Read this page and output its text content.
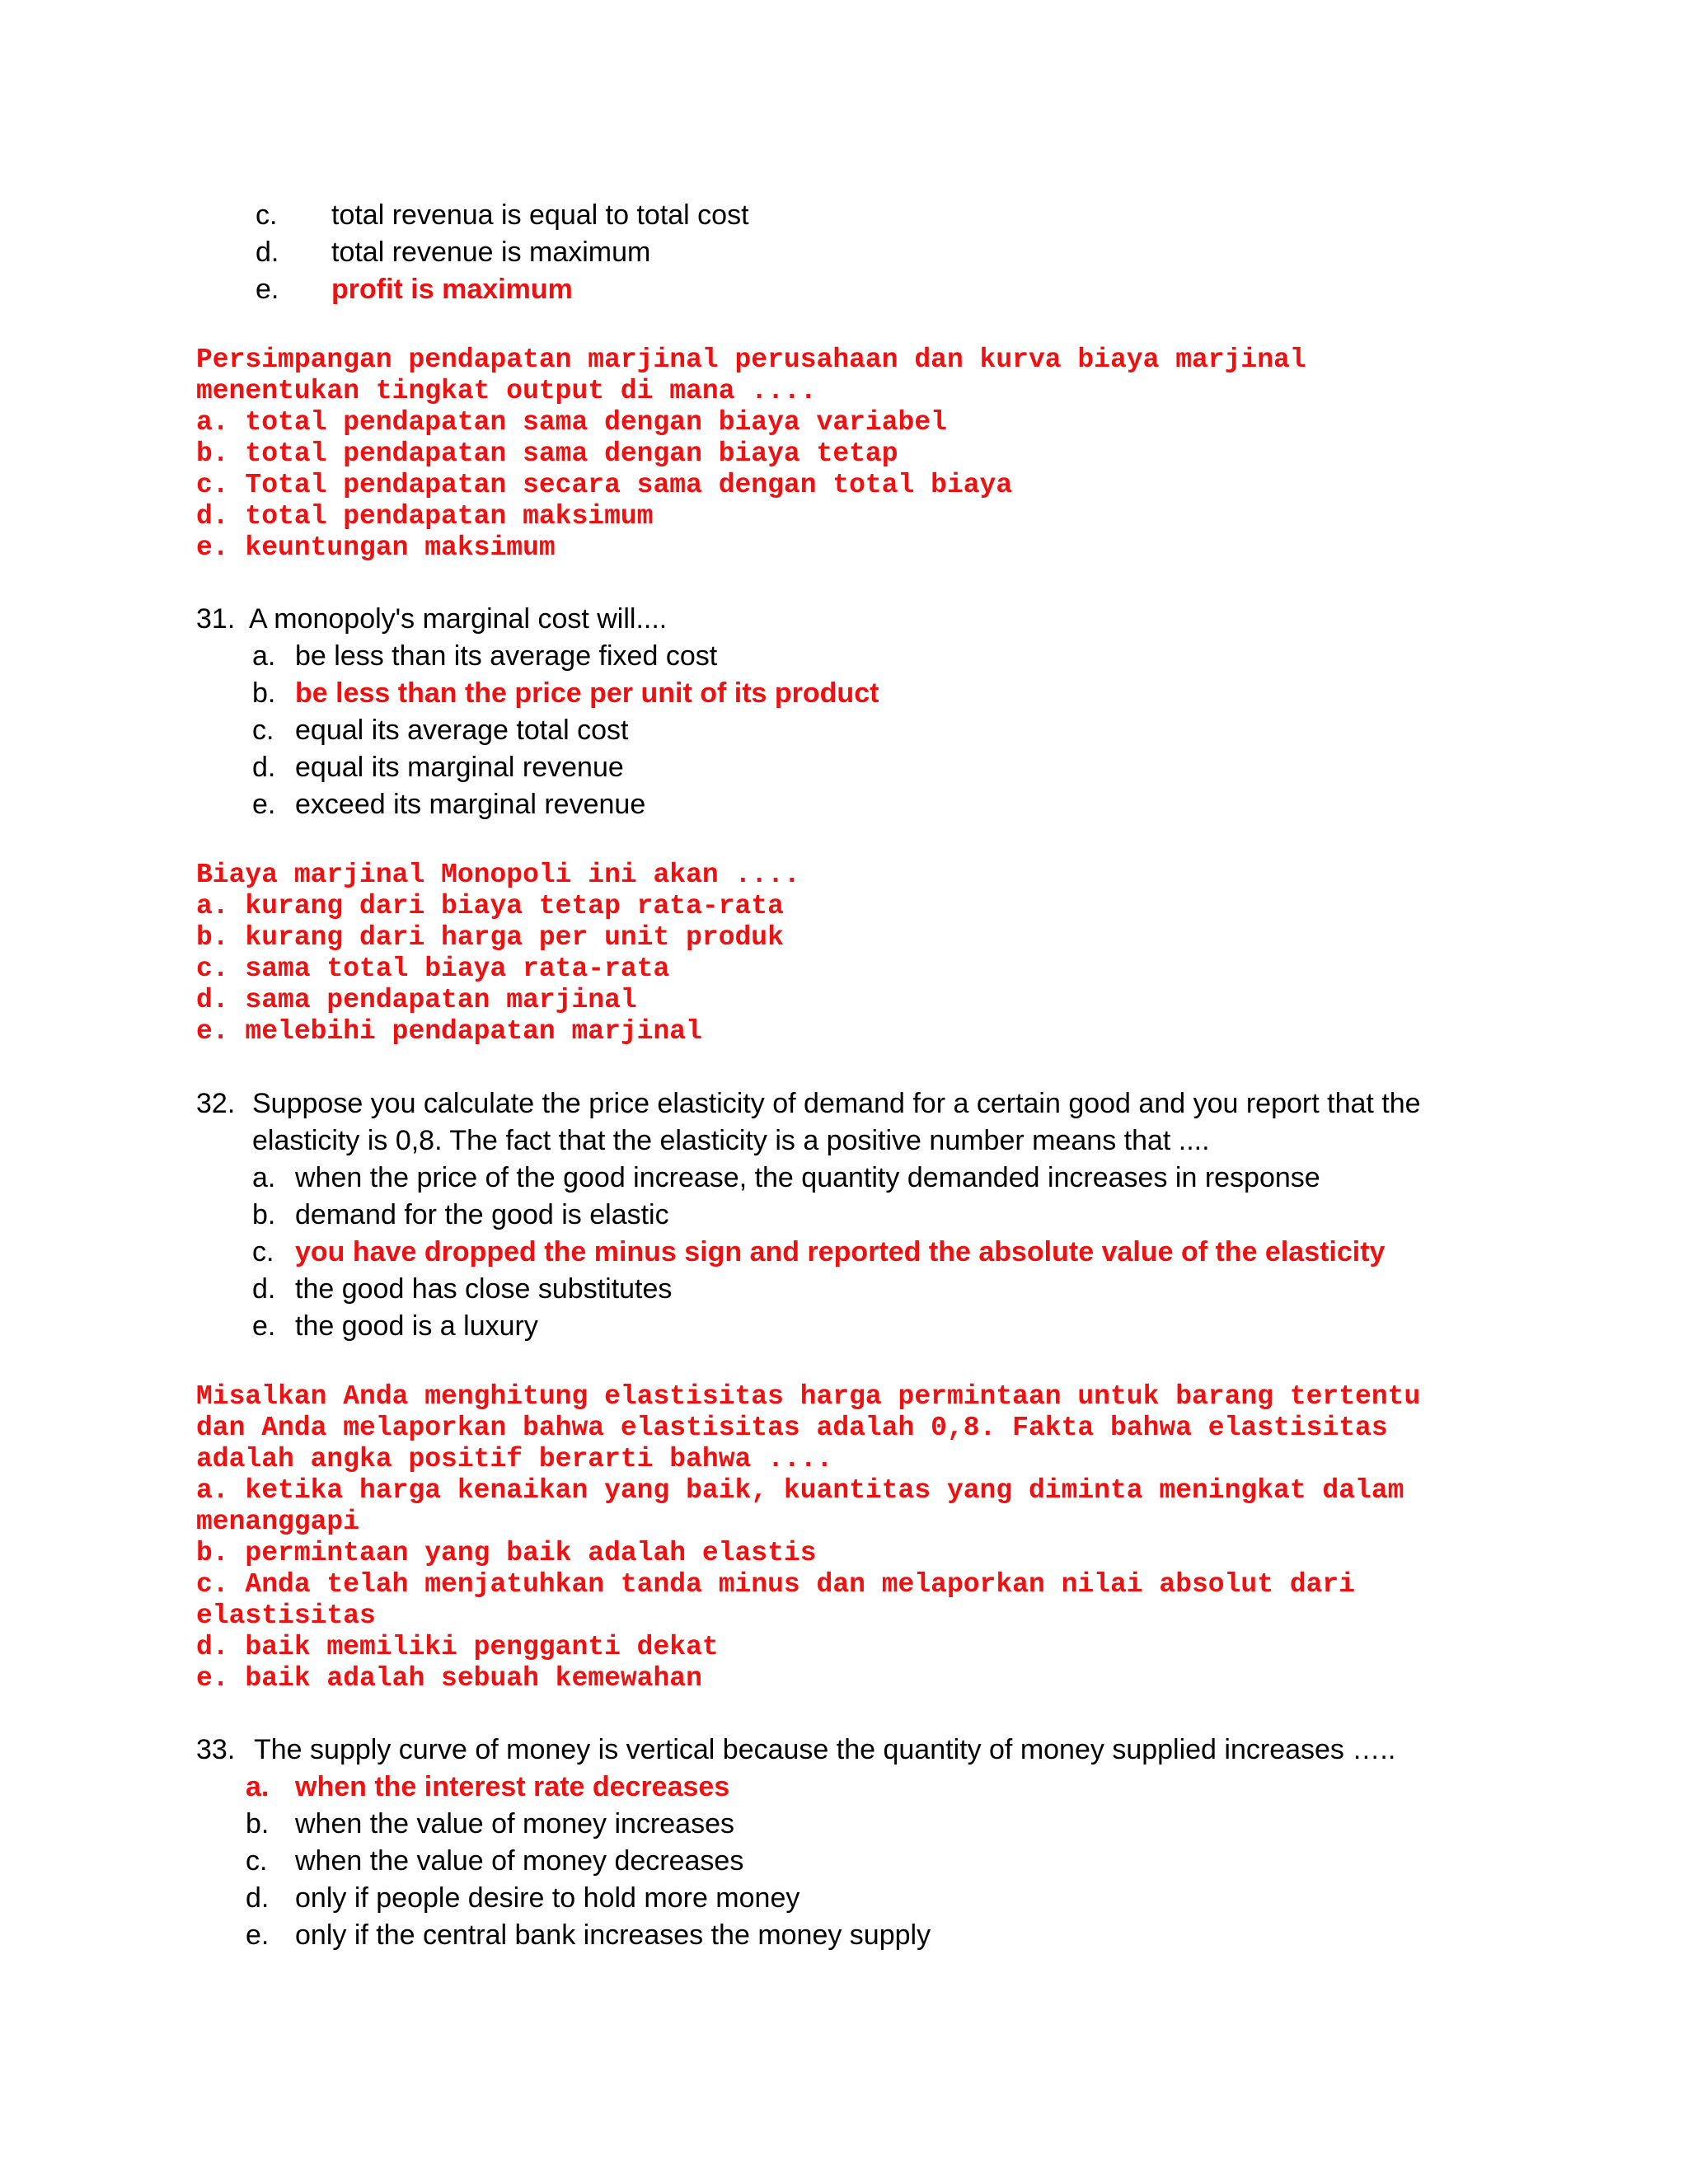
c. total revenua is equal to total cost
d. total revenue is maximum
e. profit is maximum
Persimpangan pendapatan marjinal perusahaan dan kurva biaya marjinal
menentukan tingkat output di mana ....
a. total pendapatan sama dengan biaya variabel
b. total pendapatan sama dengan biaya tetap
c. Total pendapatan secara sama dengan total biaya
d. total pendapatan maksimum
e. keuntungan maksimum
31. A monopoly's marginal cost will....
a. be less than its average fixed cost
b. be less than the price per unit of its product
c. equal its average total cost
d. equal its marginal revenue
e. exceed its marginal revenue
Biaya marjinal Monopoli ini akan ....
a. kurang dari biaya tetap rata-rata
b. kurang dari harga per unit produk
c. sama total biaya rata-rata
d. sama pendapatan marjinal
e. melebihi pendapatan marjinal
32. Suppose you calculate the price elasticity of demand for a certain good and you report that the
elasticity is 0,8. The fact that the elasticity is a positive number means that ....
a. when the price of the good increase, the quantity demanded increases in response
b. demand for the good is elastic
c. you have dropped the minus sign and reported the absolute value of the elasticity
d. the good has close substitutes
e. the good is a luxury
Misalkan Anda menghitung elastisitas harga permintaan untuk barang tertentu
dan Anda melaporkan bahwa elastisitas adalah 0,8. Fakta bahwa elastisitas
adalah angka positif berarti bahwa ....
a. ketika harga kenaikan yang baik, kuantitas yang diminta meningkat dalam
menanggapi
b. permintaan yang baik adalah elastis
c. Anda telah menjatuhkan tanda minus dan melaporkan nilai absolut dari
elastisitas
d. baik memiliki pengganti dekat
e. baik adalah sebuah kemewahan
33. The supply curve of money is vertical because the quantity of money supplied increases …..
a. when the interest rate decreases
b. when the value of money increases
c. when the value of money decreases
d. only if people desire to hold more money
e. only if the central bank increases the money supply
